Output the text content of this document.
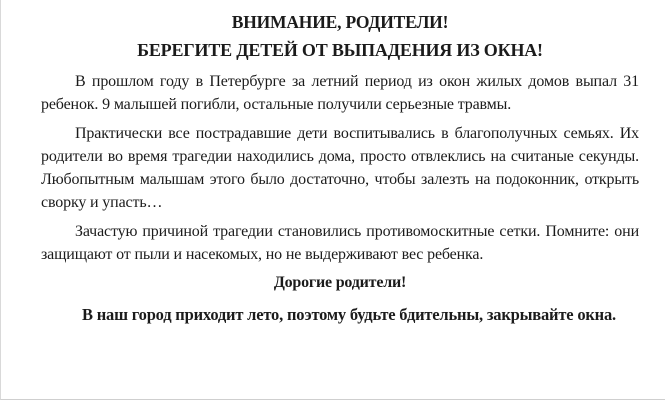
ВНИМАНИЕ, РОДИТЕЛИ!
БЕРЕГИТЕ ДЕТЕЙ ОТ ВЫПАДЕНИЯ ИЗ ОКНА!

В прошлом году в Петербурге за летний период из окон жилых домов выпал 31 ребенок. 9 малышей погибли, остальные получили серьезные травмы.

Практически все пострадавшие дети воспитывались в благополучных семьях. Их родители во время трагедии находились дома, просто отвлеклись на считаные секунды. Любопытным малышам этого было достаточно, чтобы залезть на подоконник, открыть сворку и упасть…

Зачастую причиной трагедии становились противомоскитные сетки. Помните: они защищают от пыли и насекомых, но не выдерживают вес ребенка.

Дорогие родители!

В наш город приходит лето, поэтому будьте бдительны, закрывайте окна.
